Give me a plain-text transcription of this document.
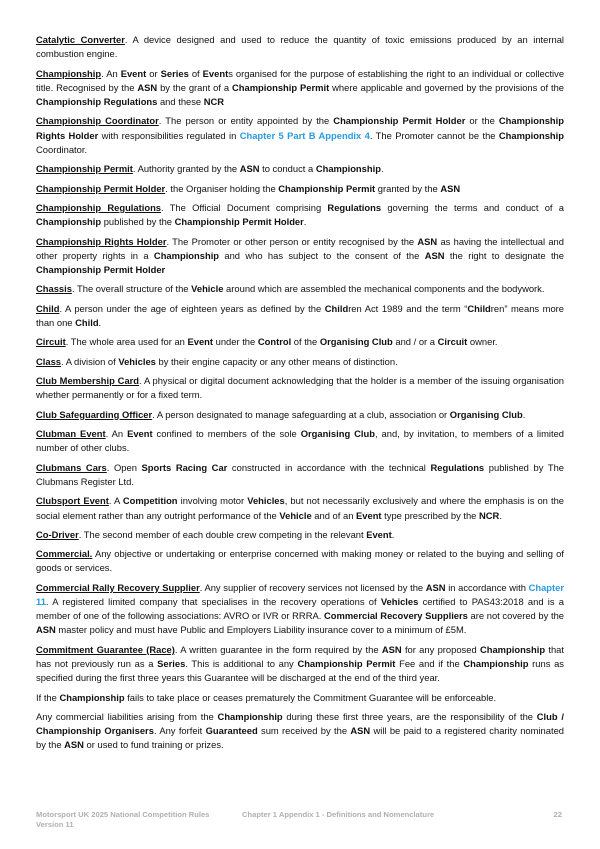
Catalytic Converter. A device designed and used to reduce the quantity of toxic emissions produced by an internal combustion engine.

Championship. An Event or Series of Events organised for the purpose of establishing the right to an individual or collective title. Recognised by the ASN by the grant of a Championship Permit where applicable and governed by the provisions of the Championship Regulations and these NCR

Championship Coordinator. The person or entity appointed by the Championship Permit Holder or the Championship Rights Holder with responsibilities regulated in Chapter 5 Part B Appendix 4. The Promoter cannot be the Championship Coordinator.

Championship Permit. Authority granted by the ASN to conduct a Championship.

Championship Permit Holder. the Organiser holding the Championship Permit granted by the ASN

Championship Regulations. The Official Document comprising Regulations governing the terms and conduct of a Championship published by the Championship Permit Holder.

Championship Rights Holder. The Promoter or other person or entity recognised by the ASN as having the intellectual and other property rights in a Championship and who has subject to the consent of the ASN the right to designate the Championship Permit Holder

Chassis. The overall structure of the Vehicle around which are assembled the mechanical components and the bodywork.

Child. A person under the age of eighteen years as defined by the Children Act 1989 and the term “Children” means more than one Child.

Circuit. The whole area used for an Event under the Control of the Organising Club and / or a Circuit owner.

Class. A division of Vehicles by their engine capacity or any other means of distinction.

Club Membership Card. A physical or digital document acknowledging that the holder is a member of the issuing organisation whether permanently or for a fixed term.

Club Safeguarding Officer. A person designated to manage safeguarding at a club, association or Organising Club.

Clubman Event. An Event confined to members of the sole Organising Club, and, by invitation, to members of a limited number of other clubs.

Clubmans Cars. Open Sports Racing Car constructed in accordance with the technical Regulations published by The Clubmans Register Ltd.

Clubsport Event. A Competition involving motor Vehicles, but not necessarily exclusively and where the emphasis is on the social element rather than any outright performance of the Vehicle and of an Event type prescribed by the NCR.

Co-Driver. The second member of each double crew competing in the relevant Event.

Commercial. Any objective or undertaking or enterprise concerned with making money or related to the buying and selling of goods or services.

Commercial Rally Recovery Supplier. Any supplier of recovery services not licensed by the ASN in accordance with Chapter 11. A registered limited company that specialises in the recovery operations of Vehicles certified to PAS43:2018 and is a member of one of the following associations: AVRO or IVR or RRRA. Commercial Recovery Suppliers are not covered by the ASN master policy and must have Public and Employers Liability insurance cover to a minimum of £5M.

Commitment Guarantee (Race). A written guarantee in the form required by the ASN for any proposed Championship that has not previously run as a Series. This is additional to any Championship Permit Fee and if the Championship runs as specified during the first three years this Guarantee will be discharged at the end of the third year.

If the Championship fails to take place or ceases prematurely the Commitment Guarantee will be enforceable.

Any commercial liabilities arising from the Championship during these first three years, are the responsibility of the Club / Championship Organisers. Any forfeit Guaranteed sum received by the ASN will be paid to a registered charity nominated by the ASN or used to fund training or prizes.

Motorsport UK 2025 National Competition Rules
Version 11
Chapter 1 Appendix 1 - Definitions and Nomenclature	22
